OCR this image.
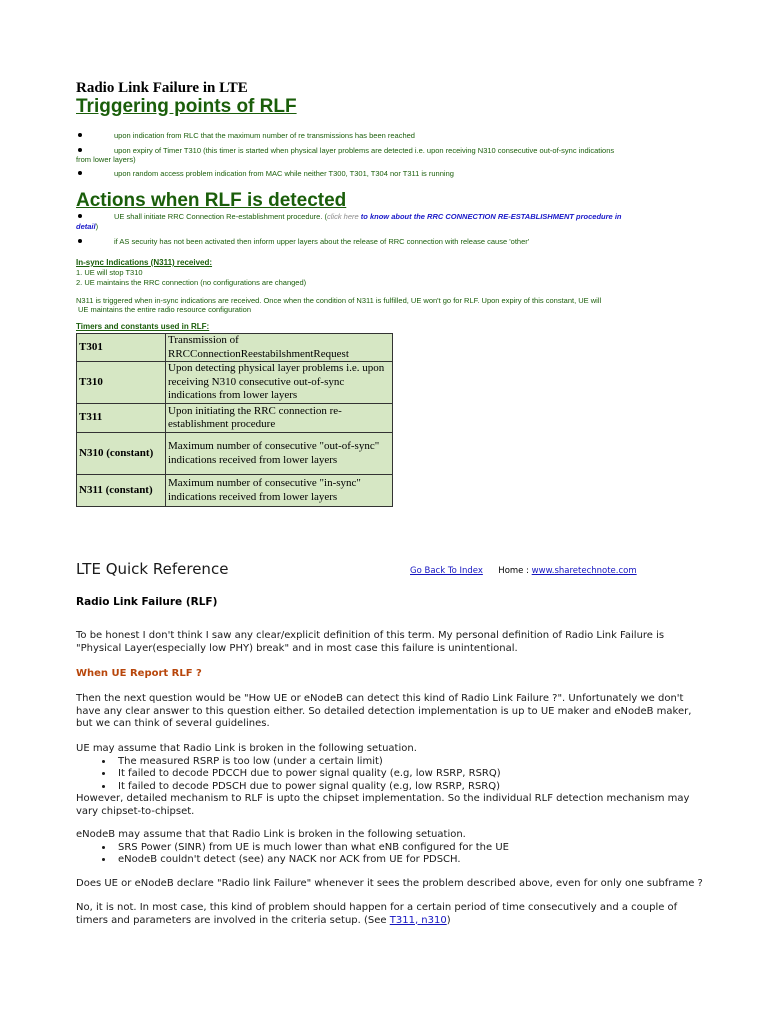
Radio Link Failure in LTE
Triggering points of RLF
upon indication from RLC that the maximum number of re transmissions has been reached
upon expiry of Timer T310 (this timer is started when physical layer problems are detected i.e. upon receiving N310 consecutive out-of-sync indications
from lower layers)
upon random access problem indication from MAC while neither T300, T301, T304 nor T311 is running
Actions when RLF is detected
UE shall initiate RRC Connection Re-establishment procedure. (click here to know about the RRC CONNECTION RE-ESTABLISHMENT procedure in
detail)
if AS security has not been activated then inform upper layers about the release of RRC connection with release cause 'other'
In-sync Indications (N311) received:
1. UE will stop T310
2. UE maintains the RRC connection (no configurations are changed)
N311 is triggered when in-sync indications are received. Once when the condition of N311 is fulfilled, UE won't go for RLF. Upon expiry of this constant, UE will
UE maintains the entire radio resource configuration
Timers and constants used in RLF:
T301	Transmission of RRCConnectionReestabilshmentRequest
T310	Upon detecting physical layer problems i.e. upon receiving N310 consecutive out-of-sync indications from lower layers
T311	Upon initiating the RRC connection re-establishment procedure
N310 (constant)	Maximum number of consecutive "out-of-sync" indications received from lower layers
N311 (constant)	Maximum number of consecutive "in-sync" indications received from lower layers
LTE Quick Reference	Go Back To Index Home : www.sharetechnote.com
Radio Link Failure (RLF)
To be honest I don't think I saw any clear/explicit definition of this term. My personal definition of Radio Link Failure is "Physical Layer(especially low PHY) break" and in most case this failure is unintentional.
When UE Report RLF ?
Then the next question would be "How UE or eNodeB can detect this kind of Radio Link Failure ?". Unfortunately we don't have any clear answer to this question either. So detailed detection implementation is up to UE maker and eNodeB maker, but we can think of several guidelines.
UE may assume that Radio Link is broken in the following setuation.
• The measured RSRP is too low (under a certain limit)
• It failed to decode PDCCH due to power signal quality (e.g, low RSRP, RSRQ)
• It failed to decode PDSCH due to power signal quality (e.g, low RSRP, RSRQ)
However, detailed mechanism to RLF is upto the chipset implementation. So the individual RLF detection mechanism may vary chipset-to-chipset.
eNodeB may assume that that Radio Link is broken in the following setuation.
• SRS Power (SINR) from UE is much lower than what eNB configured for the UE
• eNodeB couldn't detect (see) any NACK nor ACK from UE for PDSCH.
Does UE or eNodeB declare "Radio link Failure" whenever it sees the problem described above, even for only one subframe ?
No, it is not. In most case, this kind of problem should happen for a certain period of time consecutively and a couple of timers and parameters are involved in the criteria setup. (See T311, n310)
